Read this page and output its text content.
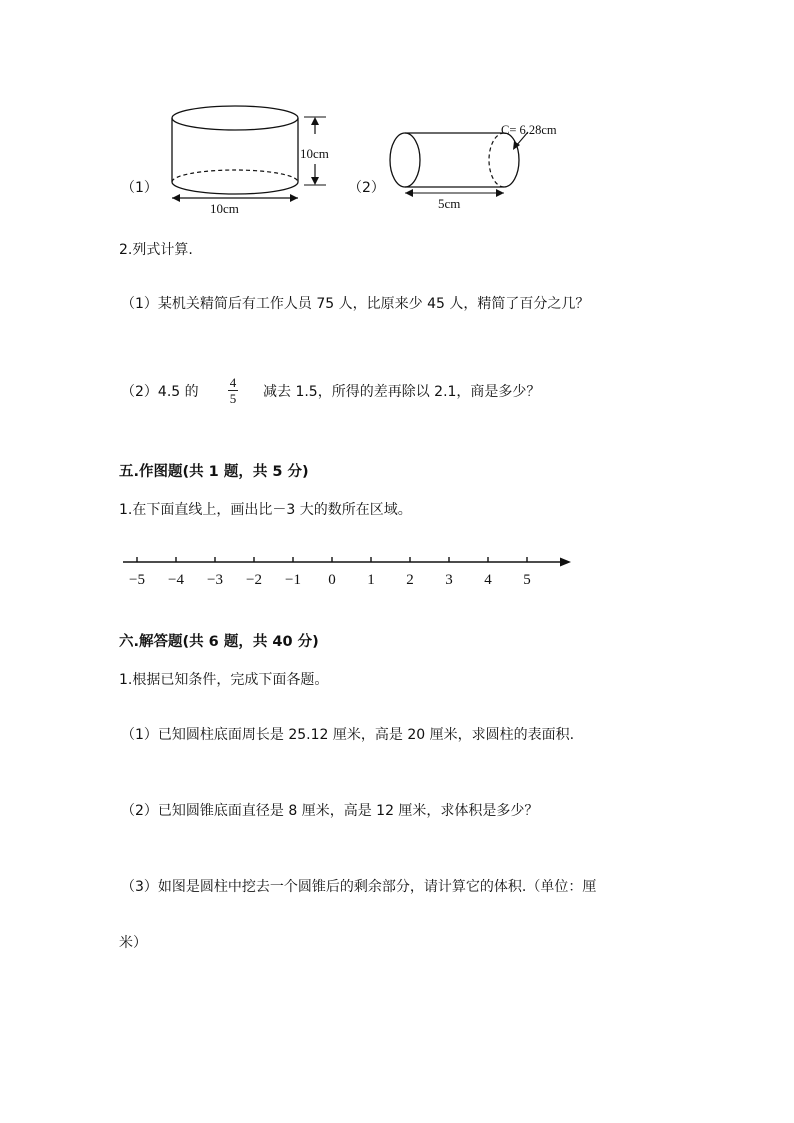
（1）
10cm
10cm
（2）
C= 6.28cm
5cm
2.列式计算.
（1）某机关精简后有工作人员 75 人，比原来少 45 人，精简了百分之几？
（2）4.5 的
4
5 减去 1.5，所得的差再除以 2.1，商是多少？
五.作图题(共 1 题，共 5 分)
1.在下面直线上，画出比－3 大的数所在区域。
−5 −4 −3 −2 −1 0 1 2 3 4 5
六.解答题(共 6 题，共 40 分)
1.根据已知条件，完成下面各题。
（1）已知圆柱底面周长是 25.12 厘米，高是 20 厘米，求圆柱的表面积.
（2）已知圆锥底面直径是 8 厘米，高是 12 厘米，求体积是多少？
（3）如图是圆柱中挖去一个圆锥后的剩余部分，请计算它的体积.（单位：厘
米）
